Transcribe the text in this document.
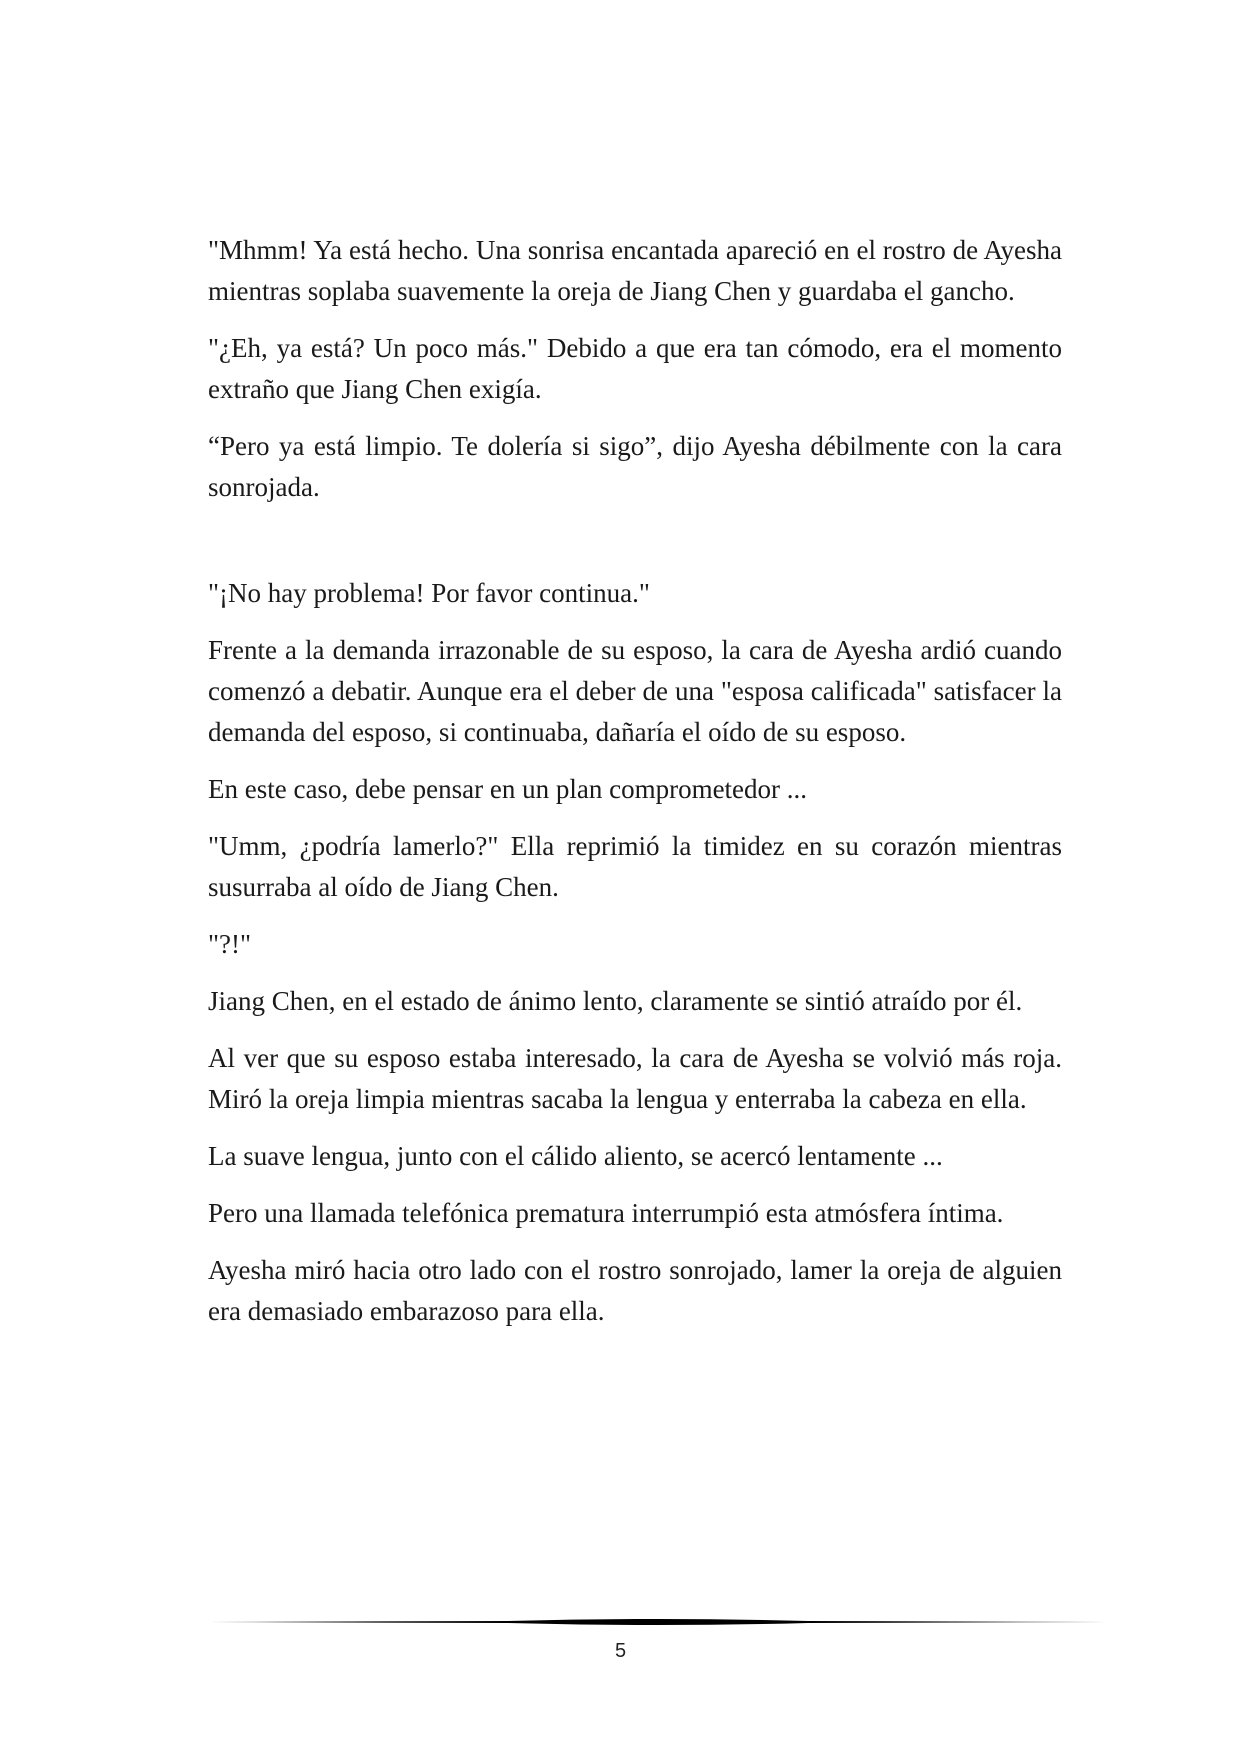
"Mhmm! Ya está hecho. Una sonrisa encantada apareció en el rostro de Ayesha mientras soplaba suavemente la oreja de Jiang Chen y guardaba el gancho.

"¿Eh, ya está? Un poco más." Debido a que era tan cómodo, era el momento extraño que Jiang Chen exigía.

“Pero ya está limpio. Te dolería si sigo”, dijo Ayesha débilmente con la cara sonrojada.

"¡No hay problema! Por favor continua."

Frente a la demanda irrazonable de su esposo, la cara de Ayesha ardió cuando comenzó a debatir. Aunque era el deber de una "esposa calificada" satisfacer la demanda del esposo, si continuaba, dañaría el oído de su esposo.

En este caso, debe pensar en un plan comprometedor ...

"Umm, ¿podría lamerlo?" Ella reprimió la timidez en su corazón mientras susurraba al oído de Jiang Chen.

"?!"

Jiang Chen, en el estado de ánimo lento, claramente se sintió atraído por él.

Al ver que su esposo estaba interesado, la cara de Ayesha se volvió más roja. Miró la oreja limpia mientras sacaba la lengua y enterraba la cabeza en ella.

La suave lengua, junto con el cálido aliento, se acercó lentamente ...

Pero una llamada telefónica prematura interrumpió esta atmósfera íntima.

Ayesha miró hacia otro lado con el rostro sonrojado, lamer la oreja de alguien era demasiado embarazoso para ella.

5
